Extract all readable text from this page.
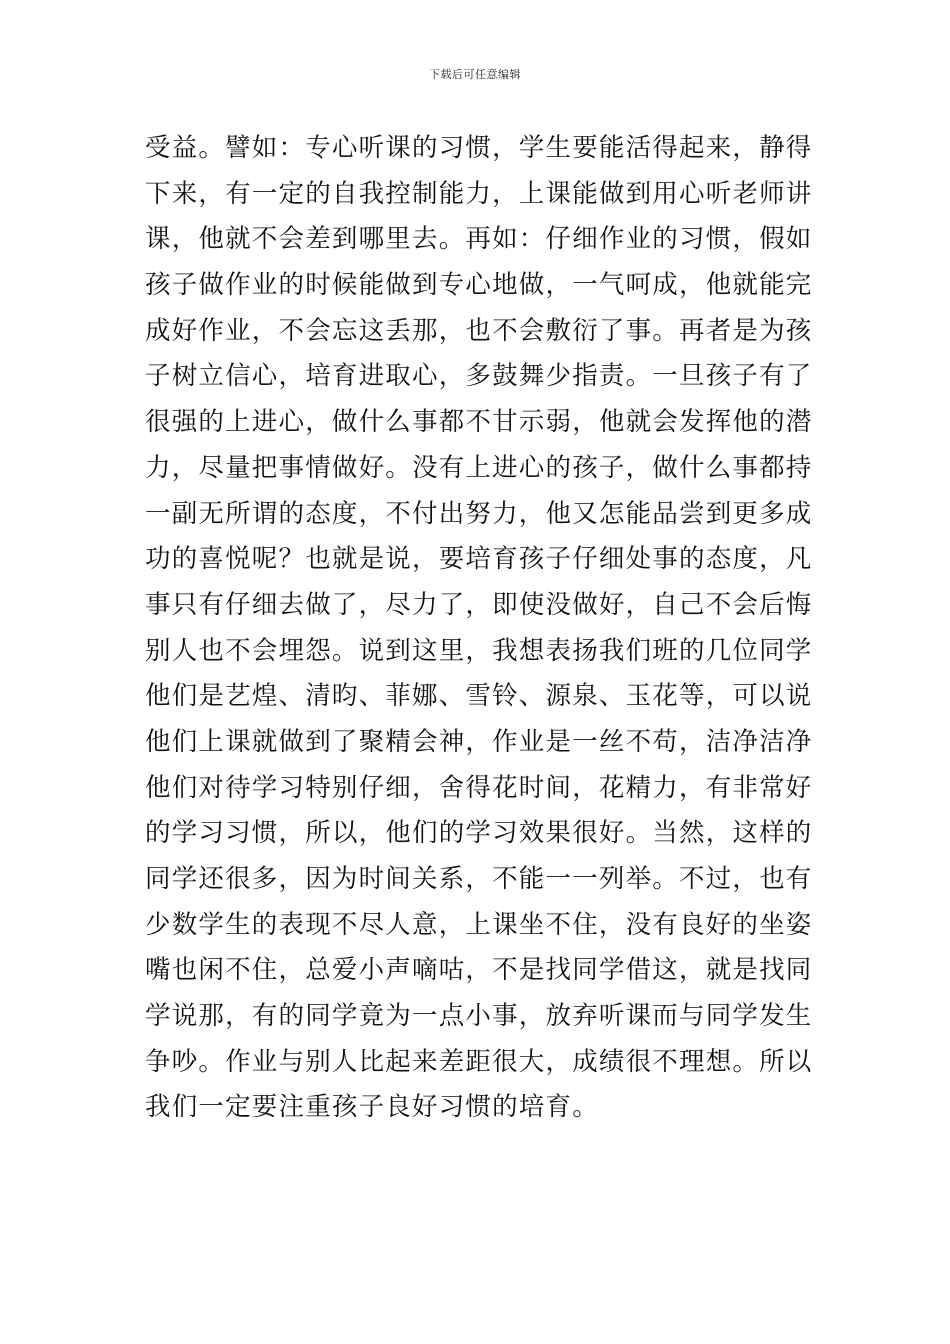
下载后可任意编辑
受益。譬如：专心听课的习惯，学生要能活得起来，静得
下来，有一定的自我控制能力，上课能做到用心听老师讲
课，他就不会差到哪里去。再如：仔细作业的习惯，假如
孩子做作业的时候能做到专心地做，一气呵成，他就能完
成好作业，不会忘这丢那，也不会敷衍了事。再者是为孩
子树立信心，培育进取心，多鼓舞少指责。一旦孩子有了
很强的上进心，做什么事都不甘示弱，他就会发挥他的潜
力，尽量把事情做好。没有上进心的孩子，做什么事都持
一副无所谓的态度，不付出努力，他又怎能品尝到更多成
功的喜悦呢？也就是说，要培育孩子仔细处事的态度，凡
事只有仔细去做了，尽力了，即使没做好，自己不会后悔
别人也不会埋怨。说到这里，我想表扬我们班的几位同学
他们是艺煌、清昀、菲娜、雪铃、源泉、玉花等，可以说
他们上课就做到了聚精会神，作业是一丝不苟，洁净洁净
他们对待学习特别仔细，舍得花时间，花精力，有非常好
的学习习惯，所以，他们的学习效果很好。当然，这样的
同学还很多，因为时间关系，不能一一列举。不过，也有
少数学生的表现不尽人意，上课坐不住，没有良好的坐姿
嘴也闲不住，总爱小声嘀咕，不是找同学借这，就是找同
学说那，有的同学竟为一点小事，放弃听课而与同学发生
争吵。作业与别人比起来差距很大，成绩很不理想。所以
我们一定要注重孩子良好习惯的培育。
